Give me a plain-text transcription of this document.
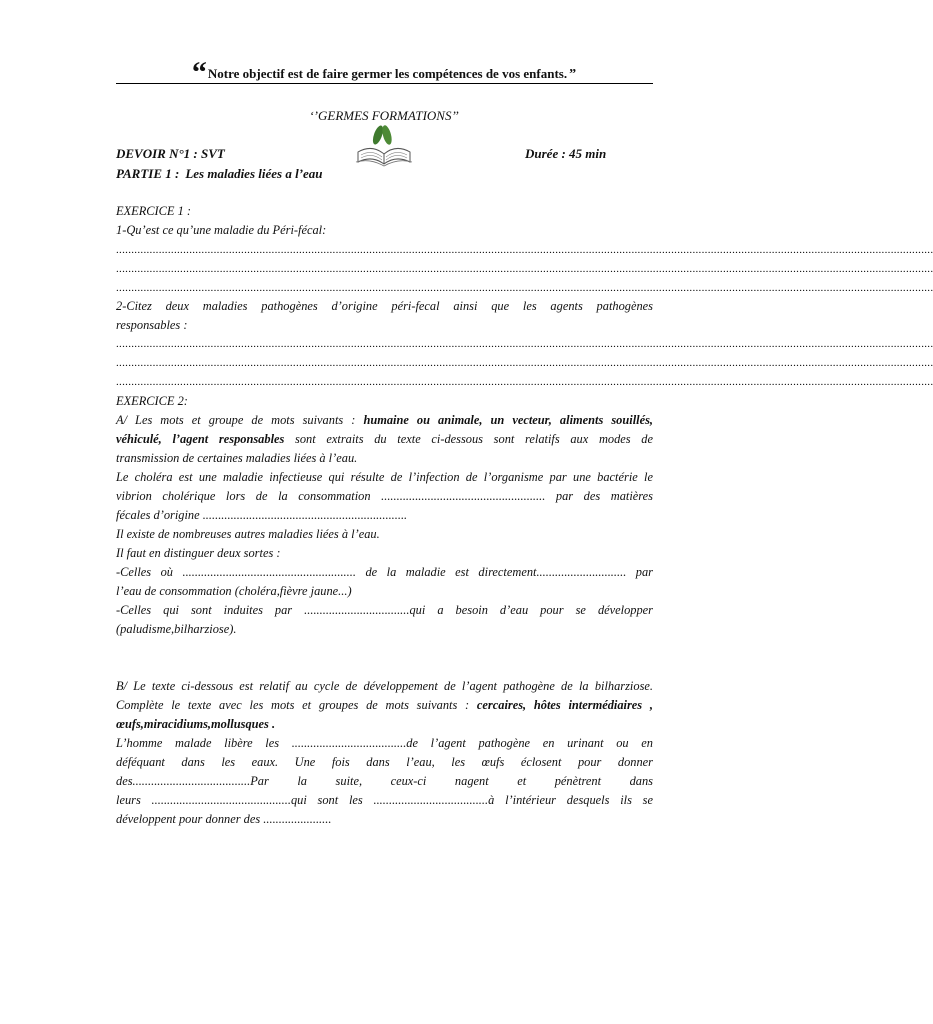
“Notre objectif est de faire germer les compétences de vos enfants. ”
‘’GERMES FORMATIONS’’
DEVOIR N°1 : SVT	Durée : 45 min
PARTIE 1 : Les maladies liées a l’eau
EXERCICE 1 :
1-Qu’est ce qu’une maladie du Péri-fécal:
............................................................................................................................................................................................................................................................................
............................................................................................................................................................................................................................................................................
............................................................................................................................................................................................................................................................................
2-Citez deux maladies pathogènes d’origine péri-fecal ainsi que les agents pathogènes
responsables :
............................................................................................................................................................................................................................................................................
............................................................................................................................................................................................................................................................................
............................................................................................................................................................................................................................................................................
EXERCICE 2:
A/ Les mots et groupe de mots suivants : humaine ou animale, un vecteur, aliments souillés,
véhiculé, l’agent responsables sont extraits du texte ci-dessous sont relatifs aux modes de
transmission de certaines maladies liées à l’eau.
Le choléra est une maladie infectieuse qui résulte de l’infection de l’organisme par une bactérie le
vibrion cholérique lors de la consommation ..................................................... par des matières
fécales d’origine ..................................................................
Il existe de nombreuses autres maladies liées à l’eau.
Il faut en distinguer deux sortes :
-Celles où ........................................................ de la maladie est directement............................. par
l’eau de consommation (choléra,fièvre jaune...)
-Celles qui sont induites par ..................................qui a besoin d’eau pour se développer
(paludisme,bilharziose).
B/ Le texte ci-dessous est relatif au cycle de développement de l’agent pathogène de la bilharziose.
Complète le texte avec les mots et groupes de mots suivants : cercaires, hôtes intermédiaires ,
œufs,miracidiums,mollusques .
L’homme malade libère les .....................................de l’agent pathogène en urinant ou en
déféquant dans les eaux. Une fois dans l’eau, les œufs éclosent pour donner
des......................................Par la suite, ceux-ci nagent et pénètrent dans
leurs .............................................qui sont les .....................................à l’intérieur desquels ils se
développent pour donner des ......................
